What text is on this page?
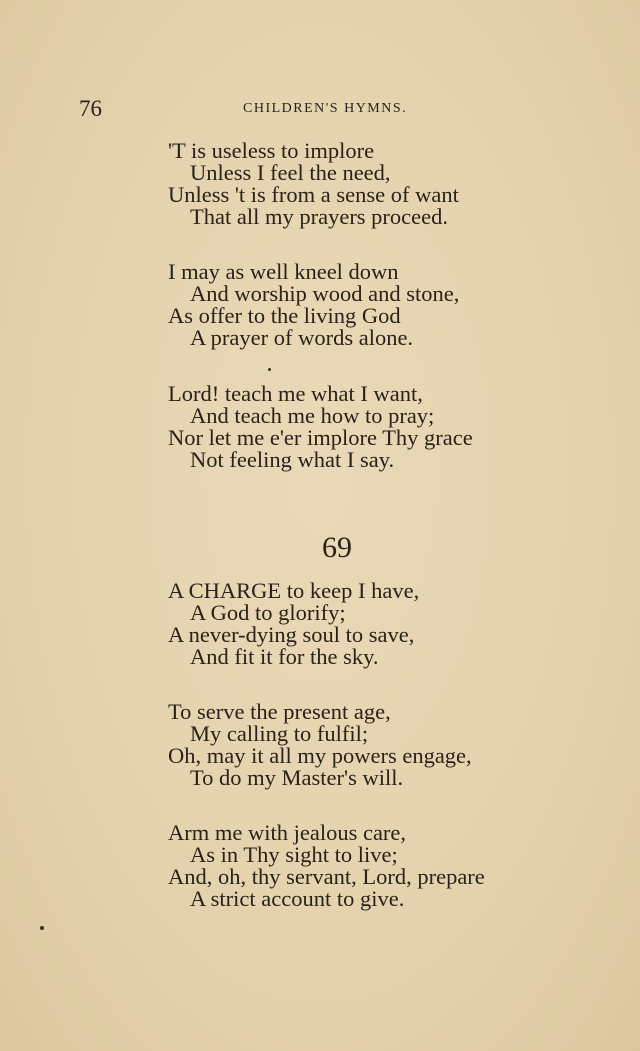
76	CHILDREN'S HYMNS.
'T is useless to implore
Unless I feel the need,
Unless 't is from a sense of want
That all my prayers proceed.
I may as well kneel down
And worship wood and stone,
As offer to the living God
A prayer of words alone.
Lord! teach me what I want,
And teach me how to pray;
Nor let me e'er implore Thy grace
Not feeling what I say.
69
A CHARGE to keep I have,
A God to glorify;
A never-dying soul to save,
And fit it for the sky.
To serve the present age,
My calling to fulfil;
Oh, may it all my powers engage,
To do my Master's will.
Arm me with jealous care,
As in Thy sight to live;
And, oh, thy servant, Lord, prepare
A strict account to give.
